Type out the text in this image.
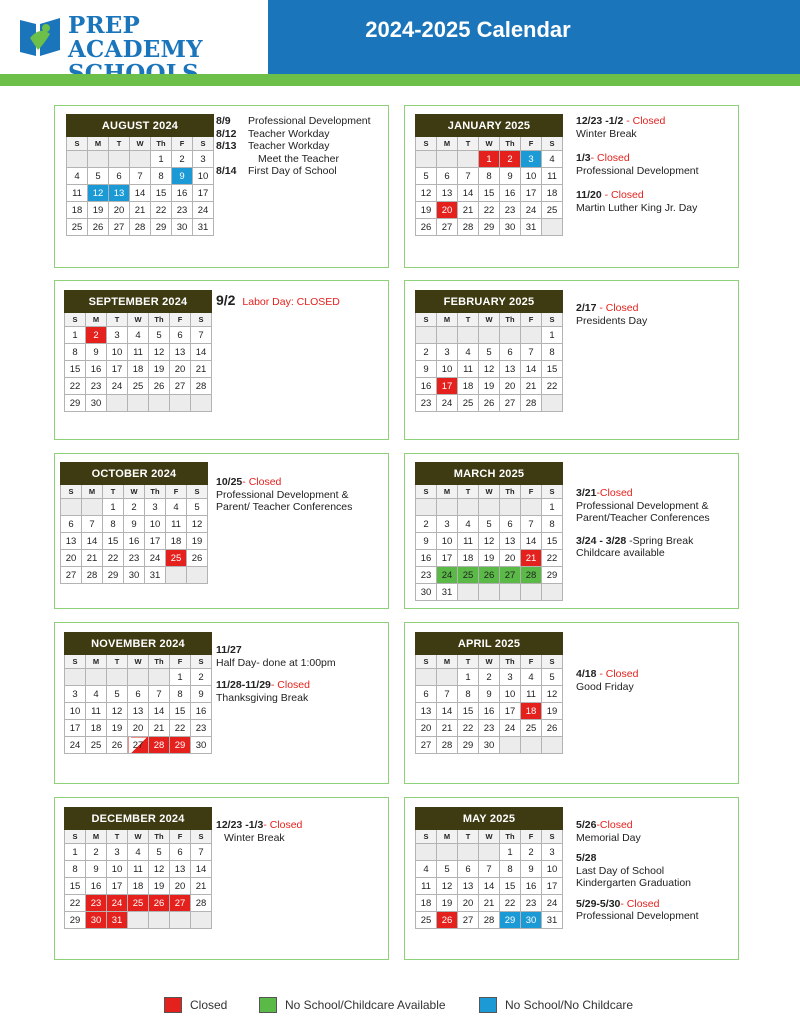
PREP ACADEMY
2024-2025 Calendar
AUGUST 2024						
S	M	T	W	Th	F	S
				1	2	3
4	5	6	7	8	9	10
11	12	13	14	15	16	17
18	19	20	21	22	23	24
25	26	27	28	29	30	31
JANUARY 2025						
S	M	T	W	Th	F	S
			1	2	3	4
5	6	7	8	9	10	11
12	13	14	15	16	17	18
19	20	21	22	23	24	25
26	27	28	29	30	31	
SEPTEMBER 2024						
S	M	T	W	Th	F	S
1	2	3	4	5	6	7
8	9	10	11	12	13	14
15	16	17	18	19	20	21
22	23	24	25	26	27	28
29	30					
FEBRUARY 2025						
S	M	T	W	Th	F	S
						1
2	3	4	5	6	7	8
9	10	11	12	13	14	15
16	17	18	19	20	21	22
23	24	25	26	27	28	
OCTOBER 2024						
S	M	T	W	Th	F	S
		1	2	3	4	5
6	7	8	9	10	11	12
13	14	15	16	17	18	19
20	21	22	23	24	25	26
27	28	29	30	31		
MARCH 2025						
S	M	T	W	Th	F	S
						1
2	3	4	5	6	7	8
9	10	11	12	13	14	15
16	17	18	19	20	21	22
23	24	25	26	27	28	29
30	31					
NOVEMBER 2024						
S	M	T	W	Th	F	S
					1	2
3	4	5	6	7	8	9
10	11	12	13	14	15	16
17	18	19	20	21	22	23
24	25	26	27	28	29	30
APRIL 2025						
S	M	T	W	Th	F	S
		1	2	3	4	5
6	7	8	9	10	11	12
13	14	15	16	17	18	19
20	21	22	23	24	25	26
27	28	29	30			
DECEMBER 2024						
S	M	T	W	Th	F	S
1	2	3	4	5	6	7
8	9	10	11	12	13	14
15	16	17	18	19	20	21
22	23	24	25	26	27	28
29	30	31				
MAY 2025						
S	M	T	W	Th	F	S
				1	2	3
4	5	6	7	8	9	10
11	12	13	14	15	16	17
18	19	20	21	22	23	24
25	26	27	28	29	30	31
8/9	Professional Development
8/12	Teacher Workday
8/13	Teacher Workday
Meet the Teacher
8/14	First Day of School
12/23 -1/2 - Closed
Winter Break
1/3- Closed
Professional Development
11/20 - Closed
Martin Luther King Jr. Day
9/2 Labor Day: CLOSED	2/17 - Closed
Presidents Day
10/25- Closed
Professional Development &
Parent/ Teacher Conferences
3/21-Closed
Professional Development &
Parent/Teacher Conferences
3/24 - 3/28 -Spring Break
Childcare available
11/27
Half Day- done at 1:00pm
11/28-11/29- Closed
Thanksgiving Break
4/18 - Closed
Good Friday
12/23 -1/3- Closed
Winter Break
5/26-Closed
Memorial Day
5/28
Last Day of School
Kindergarten Graduation
5/29-5/30- Closed
Professional Development
Closed	No School/Childcare Available	No School/No Childcare
